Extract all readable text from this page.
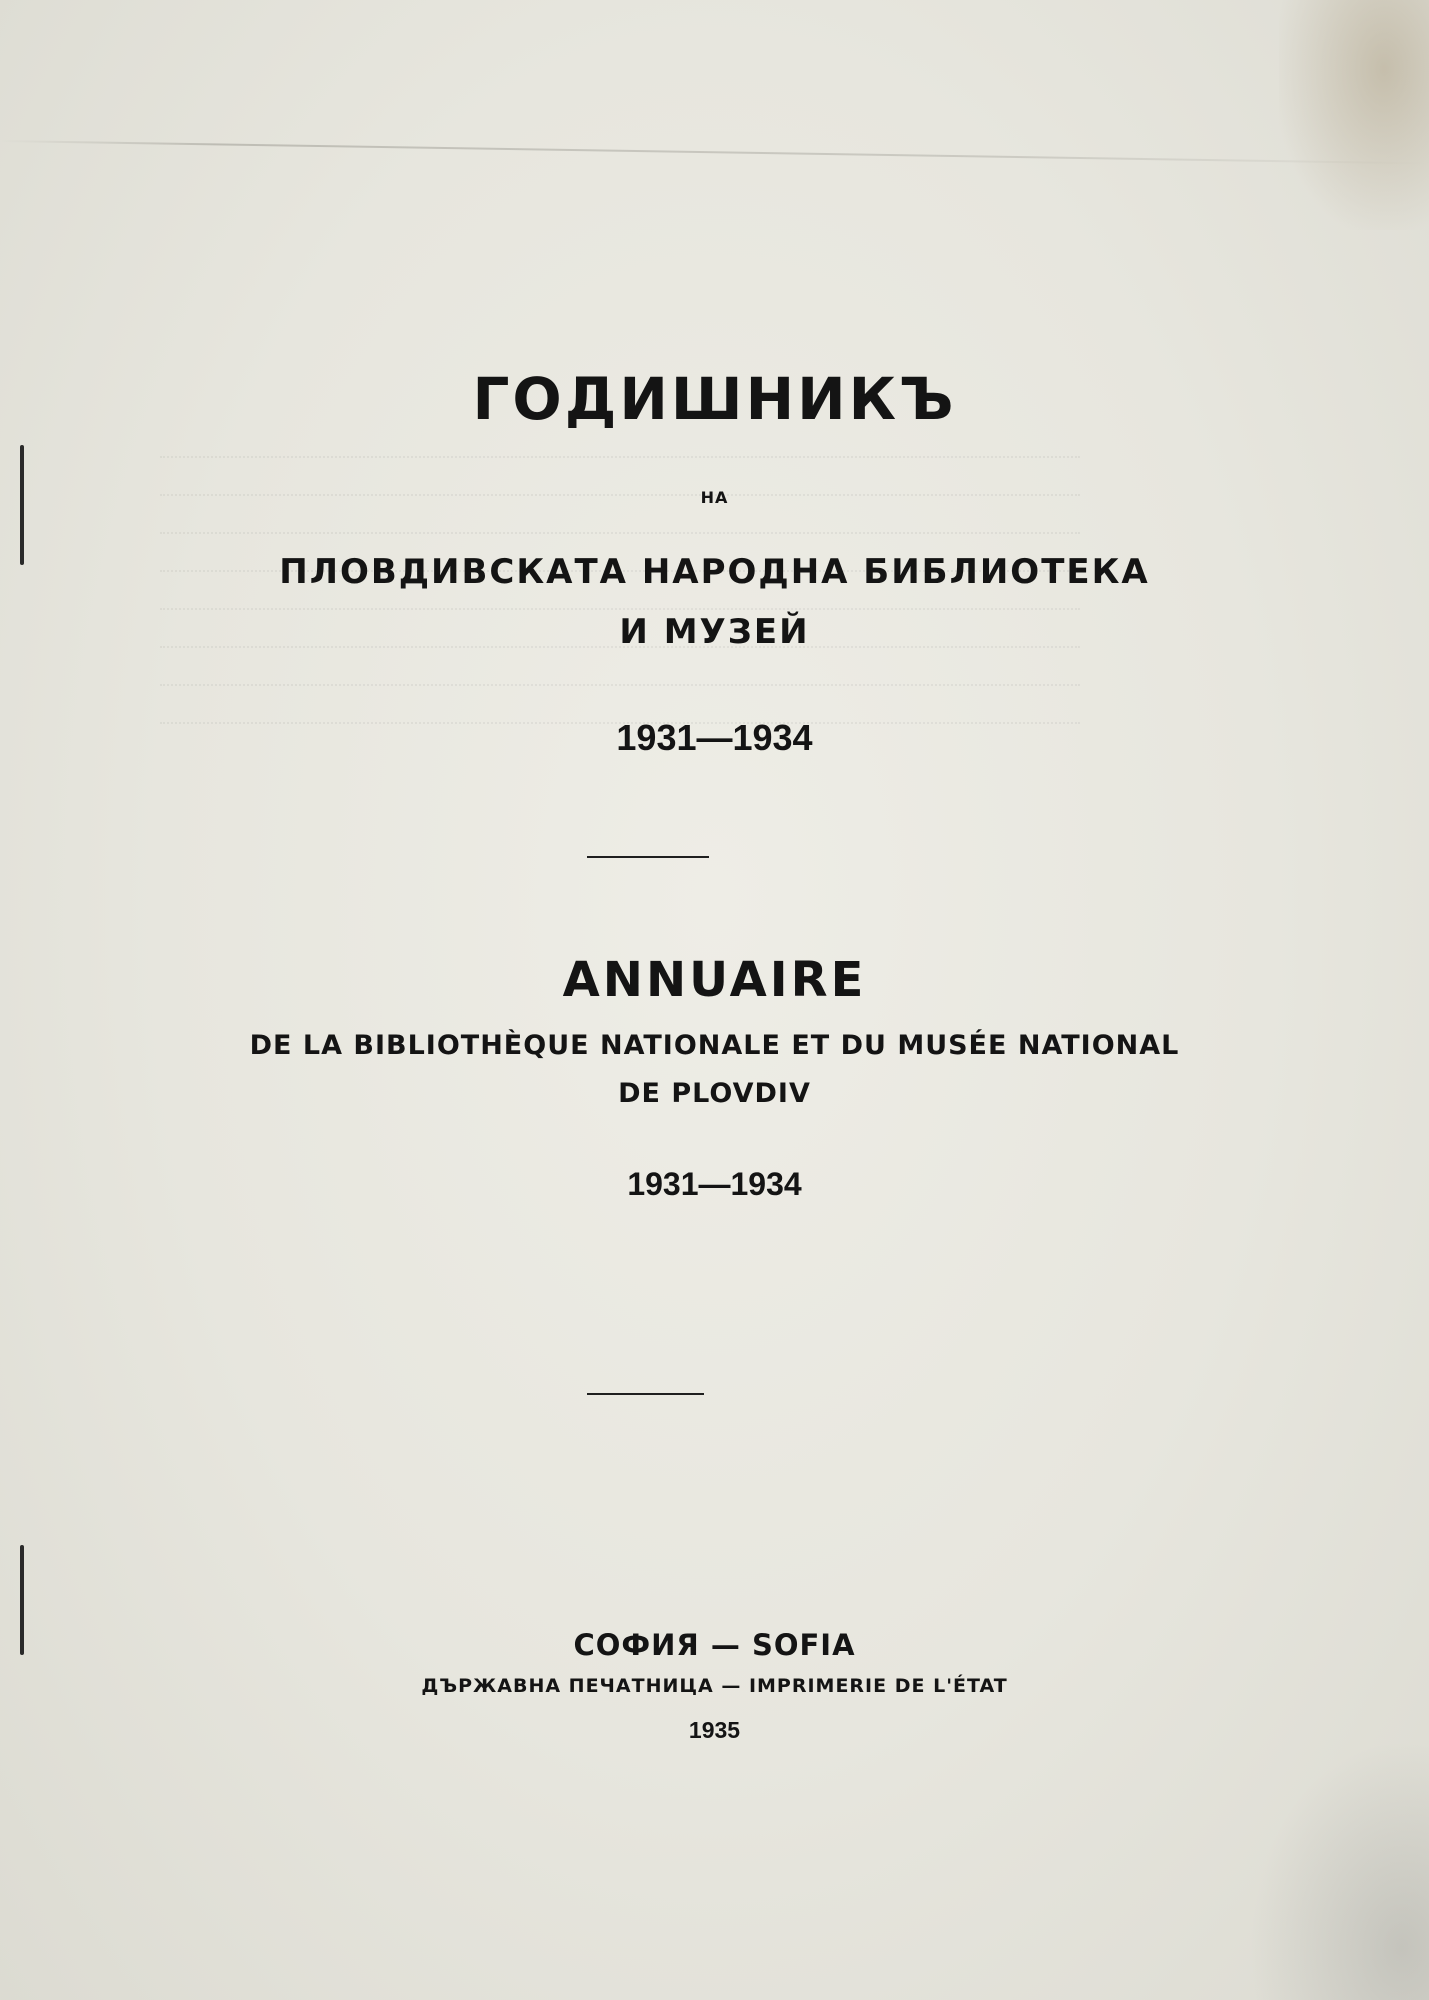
ГОДИШНИКЪ
НА
ПЛОВДИВСКАТА НАРОДНА БИБЛИОТЕКА
И МУЗЕЙ
1931—1934
ANNUAIRE
DE LA BIBLIOTHÈQUE NATIONALE ET DU MUSÉE NATIONAL
DE PLOVDIV
1931—1934
СОФИЯ — SOFIA
ДЪРЖАВНА ПЕЧАТНИЦА — IMPRIMERIE DE L'ÉTAT
1935
